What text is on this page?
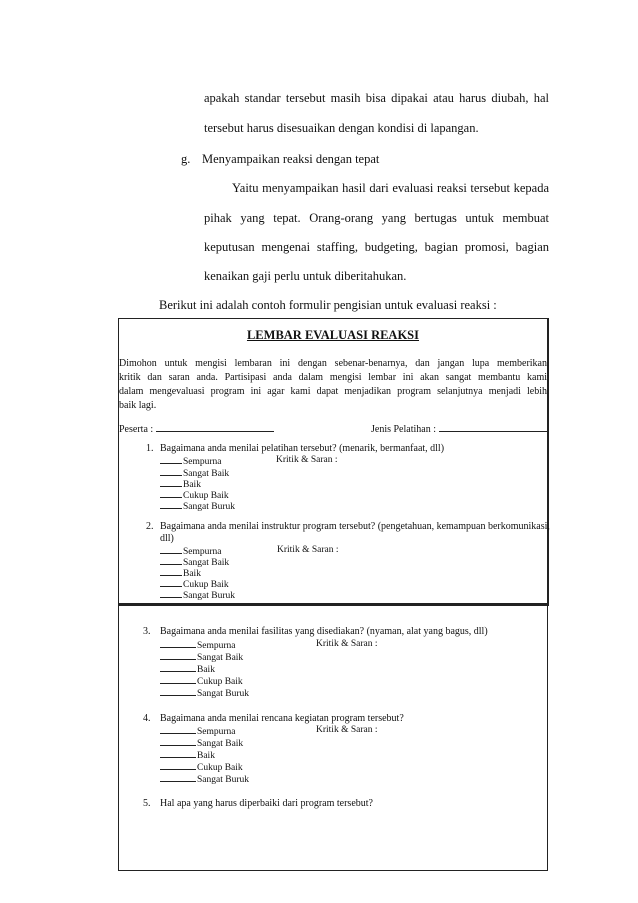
apakah standar tersebut masih bisa dipakai atau harus diubah, hal
tersebut harus disesuaikan dengan kondisi di lapangan.
g. Menyampaikan reaksi dengan tepat
Yaitu menyampaikan hasil dari evaluasi reaksi tersebut kepada
pihak yang tepat. Orang-orang yang bertugas untuk membuat
keputusan mengenai staffing, budgeting, bagian promosi, bagian
kenaikan gaji perlu untuk diberitahukan.
Berikut ini adalah contoh formulir pengisian untuk evaluasi reaksi :
LEMBAR EVALUASI REAKSI
Dimohon untuk mengisi lembaran ini dengan sebenar-benarnya, dan jangan lupa memberikan
kritik dan saran anda. Partisipasi anda dalam mengisi lembar ini akan sangat membantu kami
dalam mengevaluasi program ini agar kami dapat menjadikan program selanjutnya menjadi lebih
baik lagi.
Peserta :	Jenis Pelatihan :
1. Bagaimana anda menilai pelatihan tersebut? (menarik, bermanfaat, dll)
Sempurna	Kritik & Saran :
Sangat Baik
Baik
Cukup Baik
Sangat Buruk
2. Bagaimana anda menilai instruktur program tersebut? (pengetahuan, kemampuan berkomunikasi,
dll)
Sempurna	Kritik & Saran :
Sangat Baik
Baik
Cukup Baik
Sangat Buruk
3. Bagaimana anda menilai fasilitas yang disediakan? (nyaman, alat yang bagus, dll)
Sempurna	Kritik & Saran :
Sangat Baik
Baik
Cukup Baik
Sangat Buruk
4. Bagaimana anda menilai rencana kegiatan program tersebut?
Sempurna	Kritik & Saran :
Sangat Baik
Baik
Cukup Baik
Sangat Buruk
5. Hal apa yang harus diperbaiki dari program tersebut?
